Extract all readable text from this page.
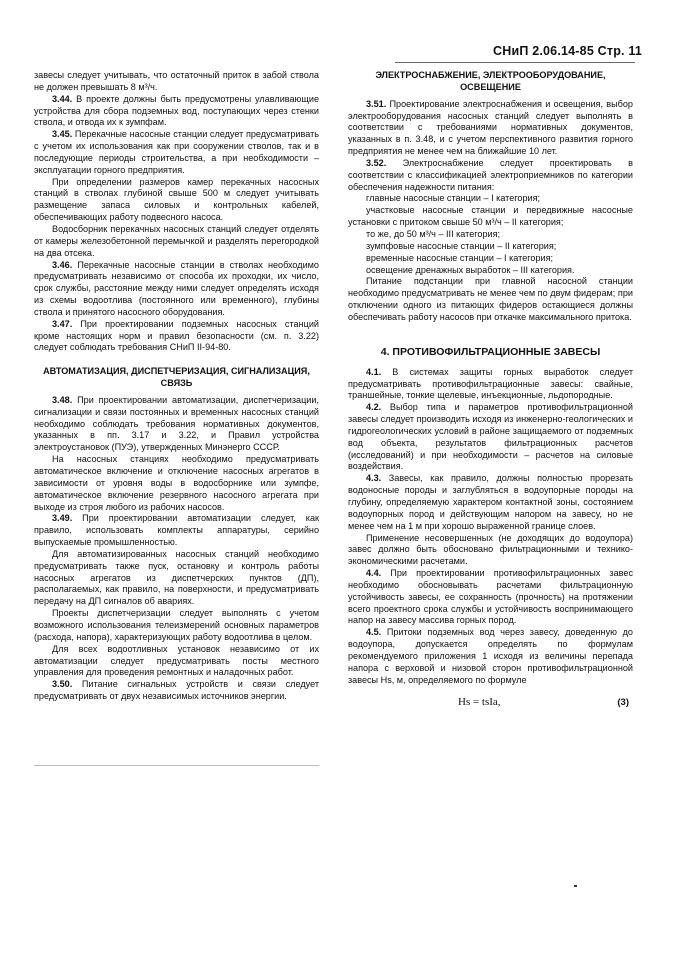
СНиП 2.06.14-85 Стр. 11

завесы следует учитывать, что остаточный приток в забой ствола не должен превышать 8 м³/ч.

3.44. В проекте должны быть предусмотрены улавливающие устройства для сбора подземных вод, поступающих через стенки ствола, и отвода их к зумпфам.

3.45. Перекачные насосные станции следует предусматривать с учетом их использования как при сооружении стволов, так и в последующие периоды строительства, а при необходимости – эксплуатации горного предприятия.

При определении размеров камер перекачных насосных станций в стволах глубиной свыше 500 м следует учитывать размещение запаса силовых и контрольных кабелей, обеспечивающих работу подвесного насоса.

Водосборник перекачных насосных станций следует отделять от камеры железобетонной перемычкой и разделять перегородкой на два отсека.

3.46. Перекачные насосные станции в стволах необходимо предусматривать независимо от способа их проходки, их число, срок службы, расстояние между ними следует определять исходя из схемы водоотлива (постоянного или временного), глубины ствола и принятого насосного оборудования.

3.47. При проектировании подземных насосных станций кроме настоящих норм и правил безопасности (см. п. 3.22) следует соблюдать требования СНиП II-94-80.

АВТОМАТИЗАЦИЯ, ДИСПЕТЧЕРИЗАЦИЯ, СИГНАЛИЗАЦИЯ, СВЯЗЬ

3.48. При проектировании автоматизации, диспетчеризации, сигнализации и связи постоянных и временных насосных станций необходимо соблюдать требования нормативных документов, указанных в пп. 3.17 и 3.22, и Правил устройства электроустановок (ПУЭ), утвержденных Минэнерго СССР.

На насосных станциях необходимо предусматривать автоматическое включение и отключение насосных агрегатов в зависимости от уровня воды в водосборнике или зумпфе, автоматическое включение резервного насосного агрегата при выходе из строя любого из рабочих насосов.

3.49. При проектировании автоматизации следует, как правило, использовать комплекты аппаратуры, серийно выпускаемые промышленностью.

Для автоматизированных насосных станций необходимо предусматривать также пуск, остановку и контроль работы насосных агрегатов из диспетчерских пунктов (ДП), располагаемых, как правило, на поверхности, и предусматривать передачу на ДП сигналов об авариях.

Проекты диспетчеризации следует выполнять с учетом возможного использования телеизмерений основных параметров (расхода, напора), характеризующих работу водоотлива в целом.

Для всех водоотливных установок независимо от их автоматизации следует предусматривать посты местного управления для проведения ремонтных и наладочных работ.

3.50. Питание сигнальных устройств и связи следует предусматривать от двух независимых источников энергии.

ЭЛЕКТРОСНАБЖЕНИЕ, ЭЛЕКТРООБОРУДОВАНИЕ, ОСВЕЩЕНИЕ

3.51. Проектирование электроснабжения и освещения, выбор электрооборудования насосных станций следует выполнять в соответствии с требованиями нормативных документов, указанных в п. 3.48, и с учетом перспективного развития горного предприятия не менее чем на ближайшие 10 лет.

3.52. Электроснабжение следует проектировать в соответствии с классификацией электроприемников по категории обеспечения надежности питания:

главные насосные станции – I категория;

участковые насосные станции и передвижные насосные установки с притоком свыше 50 м³/ч – II категория;

то же, до 50 м³/ч – III категория;

зумпфовые насосные станции – II категория;

временные насосные станции – I категория;

освещение дренажных выработок – III категория.

Питание подстанции при главной насосной станции необходимо предусматривать не менее чем по двум фидерам; при отключении одного из питающих фидеров остающиеся должны обеспечивать работу насосов при откачке максимального притока.

4. ПРОТИВОФИЛЬТРАЦИОННЫЕ ЗАВЕСЫ

4.1. В системах защиты горных выработок следует предусматривать противофильтрационные завесы: свайные, траншейные, тонкие щелевые, инъекционные, льдопородные.

4.2. Выбор типа и параметров противофильтрационной завесы следует производить исходя из инженерно-геологических и гидрогеологических условий в районе защищаемого от подземных вод объекта, результатов фильтрационных расчетов (исследований) и при необходимости – расчетов на силовые воздействия.

4.3. Завесы, как правило, должны полностью прорезать водоносные породы и заглубляться в водоупорные породы на глубину, определяемую характером контактной зоны, состоянием водоупорных пород и действующим напором на завесу, но не менее чем на 1 м при хорошо выраженной границе слоев.

Применение несовершенных (не доходящих до водоупора) завес должно быть обосновано фильтрационными и технико-экономическими расчетами.

4.4. При проектировании противофильтрационных завес необходимо обосновывать расчетами фильтрационную устойчивость завесы, ее сохранность (прочность) на протяжении всего проектного срока службы и устойчивость воспринимающего напор на завесу массива горных пород.

4.5. Притоки подземных вод через завесу, доведенную до водоупора, допускается определять по формулам рекомендуемого приложения 1 исходя из величины перепада напора с верховой и низовой сторон противофильтрационной завесы Hs, м, определяемого по формуле

Hs = tsIa,	(3)
